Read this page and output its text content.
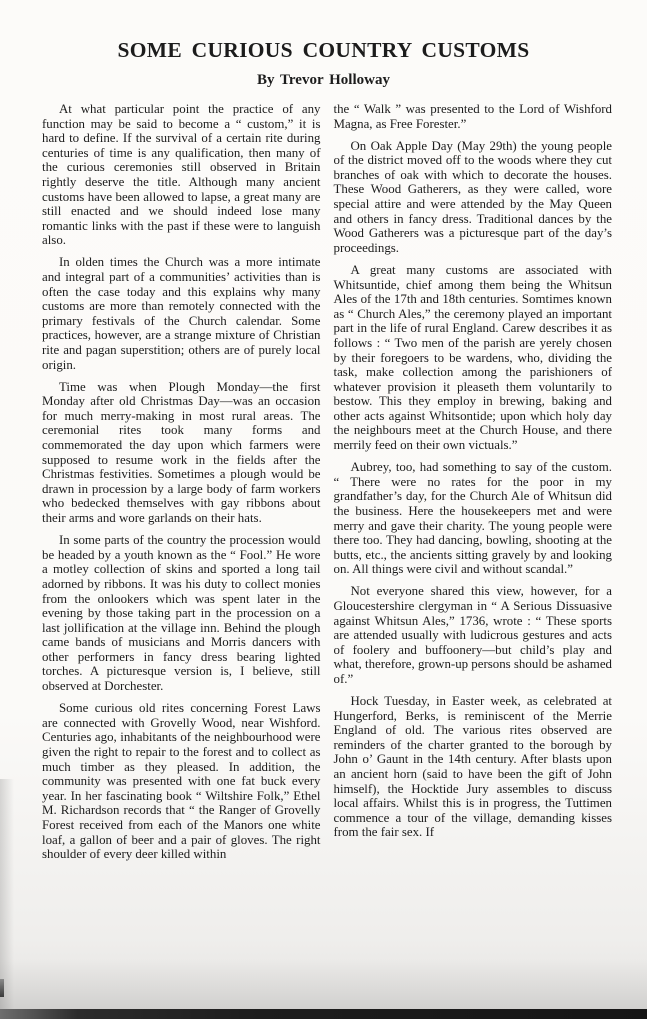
SOME CURIOUS COUNTRY CUSTOMS
By Trevor Holloway

At what particular point the practice of any function may be said to become a “ custom,” it is hard to define. If the survival of a certain rite during centuries of time is any qualification, then many of the curious ceremonies still observed in Britain rightly deserve the title. Although many ancient customs have been allowed to lapse, a great many are still enacted and we should indeed lose many romantic links with the past if these were to languish also.

In olden times the Church was a more intimate and integral part of a communities’ activities than is often the case today and this explains why many customs are more than remotely connected with the primary festivals of the Church calendar. Some practices, however, are a strange mixture of Christian rite and pagan superstition; others are of purely local origin.

Time was when Plough Monday—the first Monday after old Christmas Day—was an occasion for much merry-making in most rural areas. The ceremonial rites took many forms and commemorated the day upon which farmers were supposed to resume work in the fields after the Christmas festivities. Sometimes a plough would be drawn in procession by a large body of farm workers who bedecked themselves with gay ribbons about their arms and wore garlands on their hats.

In some parts of the country the procession would be headed by a youth known as the “ Fool.” He wore a motley collection of skins and sported a long tail adorned by ribbons. It was his duty to collect monies from the onlookers which was spent later in the evening by those taking part in the procession on a last jollification at the village inn. Behind the plough came bands of musicians and Morris dancers with other performers in fancy dress bearing lighted torches. A picturesque version is, I believe, still observed at Dorchester.

Some curious old rites concerning Forest Laws are connected with Grovelly Wood, near Wishford. Centuries ago, inhabitants of the neighbourhood were given the right to repair to the forest and to collect as much timber as they pleased. In addition, the community was presented with one fat buck every year. In her fascinating book “ Wiltshire Folk,” Ethel M. Richardson records that “ the Ranger of Grovelly Forest received from each of the Manors one white loaf, a gallon of beer and a pair of gloves. The right shoulder of every deer killed within

the “ Walk ” was presented to the Lord of Wishford Magna, as Free Forester.”

On Oak Apple Day (May 29th) the young people of the district moved off to the woods where they cut branches of oak with which to decorate the houses. These Wood Gatherers, as they were called, wore special attire and were attended by the May Queen and others in fancy dress. Traditional dances by the Wood Gatherers was a picturesque part of the day’s proceedings.

A great many customs are associated with Whitsuntide, chief among them being the Whitsun Ales of the 17th and 18th centuries. Somtimes known as “ Church Ales,” the ceremony played an important part in the life of rural England. Carew describes it as follows : “ Two men of the parish are yerely chosen by their foregoers to be wardens, who, dividing the task, make collection among the parishioners of whatever provision it pleaseth them voluntarily to bestow. This they employ in brewing, baking and other acts against Whitsontide; upon which holy day the neighbours meet at the Church House, and there merrily feed on their own victuals.”

Aubrey, too, had something to say of the custom. “ There were no rates for the poor in my grandfather’s day, for the Church Ale of Whitsun did the business. Here the housekeepers met and were merry and gave their charity. The young people were there too. They had dancing, bowling, shooting at the butts, etc., the ancients sitting gravely by and looking on. All things were civil and without scandal.”

Not everyone shared this view, however, for a Gloucestershire clergyman in “ A Serious Dissuasive against Whitsun Ales,” 1736, wrote : “ These sports are attended usually with ludicrous gestures and acts of foolery and buffoonery—but child’s play and what, therefore, grown-up persons should be ashamed of.”

Hock Tuesday, in Easter week, as celebrated at Hungerford, Berks, is reminiscent of the Merrie England of old. The various rites observed are reminders of the charter granted to the borough by John o’ Gaunt in the 14th century. After blasts upon an ancient horn (said to have been the gift of John himself), the Hocktide Jury assembles to discuss local affairs. Whilst this is in progress, the Tuttimen commence a tour of the village, demanding kisses from the fair sex. If
